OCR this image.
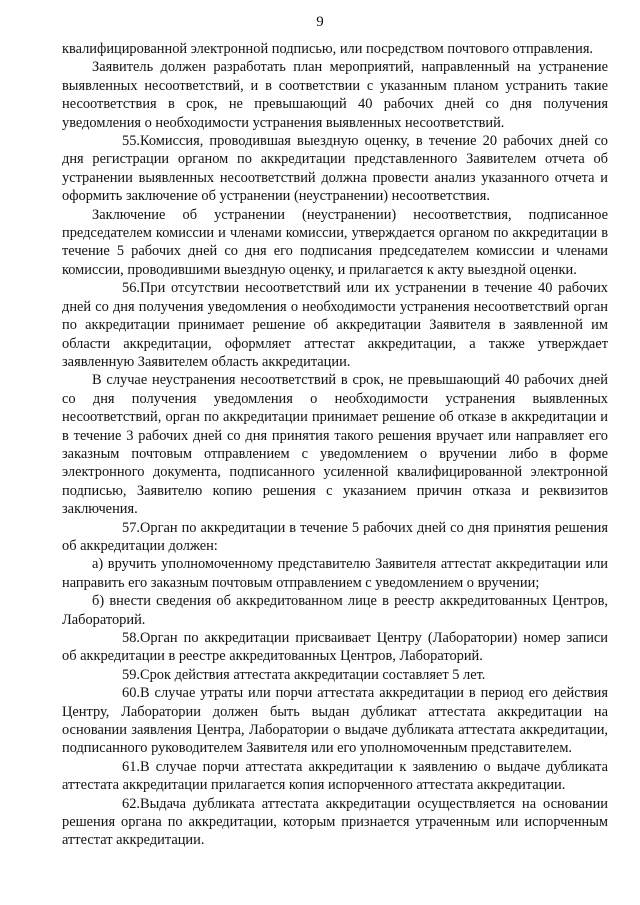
9

квалифицированной электронной подписью, или посредством почтового отправления.

Заявитель должен разработать план мероприятий, направленный на устранение выявленных несоответствий, и в соответствии с указанным планом устранить такие несоответствия в срок, не превышающий 40 рабочих дней со дня получения уведомления о необходимости устранения выявленных несоответствий.

55.Комиссия, проводившая выездную оценку, в течение 20 рабочих дней со дня регистрации органом по аккредитации представленного Заявителем отчета об устранении выявленных несоответствий должна провести анализ указанного отчета и оформить заключение об устранении (неустранении) несоответствия.

Заключение об устранении (неустранении) несоответствия, подписанное председателем комиссии и членами комиссии, утверждается органом по аккредитации в течение 5 рабочих дней со дня его подписания председателем комиссии и членами комиссии, проводившими выездную оценку, и прилагается к акту выездной оценки.

56.При отсутствии несоответствий или их устранении в течение 40 рабочих дней со дня получения уведомления о необходимости устранения несоответствий орган по аккредитации принимает решение об аккредитации Заявителя в заявленной им области аккредитации, оформляет аттестат аккредитации, а также утверждает заявленную Заявителем область аккредитации.

В случае неустранения несоответствий в срок, не превышающий 40 рабочих дней со дня получения уведомления о необходимости устранения выявленных несоответствий, орган по аккредитации принимает решение об отказе в аккредитации и в течение 3 рабочих дней со дня принятия такого решения вручает или направляет его заказным почтовым отправлением с уведомлением о вручении либо в форме электронного документа, подписанного усиленной квалифицированной электронной подписью, Заявителю копию решения с указанием причин отказа и реквизитов заключения.

57.Орган по аккредитации в течение 5 рабочих дней со дня принятия решения об аккредитации должен:

а) вручить уполномоченному представителю Заявителя аттестат аккредитации или направить его заказным почтовым отправлением с уведомлением о вручении;

б) внести сведения об аккредитованном лице в реестр аккредитованных Центров, Лабораторий.

58.Орган по аккредитации присваивает Центру (Лаборатории) номер записи об аккредитации в реестре аккредитованных Центров, Лабораторий.

59.Срок действия аттестата аккредитации составляет 5 лет.

60.В случае утраты или порчи аттестата аккредитации в период его действия Центру, Лаборатории должен быть выдан дубликат аттестата аккредитации на основании заявления Центра, Лаборатории о выдаче дубликата аттестата аккредитации, подписанного руководителем Заявителя или его уполномоченным представителем.

61.В случае порчи аттестата аккредитации к заявлению о выдаче дубликата аттестата аккредитации прилагается копия испорченного аттестата аккредитации.

62.Выдача дубликата аттестата аккредитации осуществляется на основании решения органа по аккредитации, которым признается утраченным или испорченным аттестат аккредитации.
